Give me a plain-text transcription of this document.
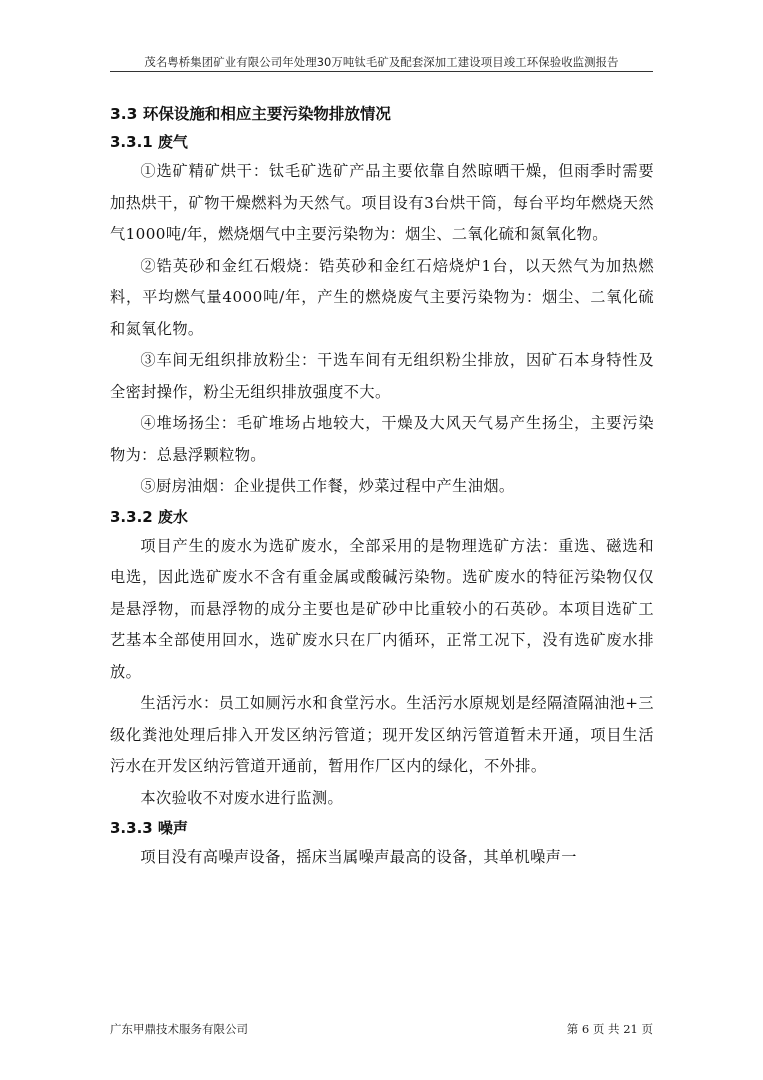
茂名粤桥集团矿业有限公司年处理30万吨钛毛矿及配套深加工建设项目竣工环保验收监测报告
3.3 环保设施和相应主要污染物排放情况
3.3.1 废气

①选矿精矿烘干：钛毛矿选矿产品主要依靠自然晾晒干燥，但雨季时需要加热烘干，矿物干燥燃料为天然气。项目设有3台烘干筒，每台平均年燃烧天然气1000吨/年，燃烧烟气中主要污染物为：烟尘、二氧化硫和氮氧化物。

②锆英砂和金红石煅烧：锆英砂和金红石焙烧炉1台，以天然气为加热燃料，平均燃气量4000吨/年，产生的燃烧废气主要污染物为：烟尘、二氧化硫和氮氧化物。

③车间无组织排放粉尘：干选车间有无组织粉尘排放，因矿石本身特性及全密封操作，粉尘无组织排放强度不大。

④堆场扬尘：毛矿堆场占地较大，干燥及大风天气易产生扬尘，主要污染物为：总悬浮颗粒物。

⑤厨房油烟：企业提供工作餐，炒菜过程中产生油烟。

3.3.2 废水

项目产生的废水为选矿废水，全部采用的是物理选矿方法：重选、磁选和电选，因此选矿废水不含有重金属或酸碱污染物。选矿废水的特征污染物仅仅是悬浮物，而悬浮物的成分主要也是矿砂中比重较小的石英砂。本项目选矿工艺基本全部使用回水，选矿废水只在厂内循环，正常工况下，没有选矿废水排放。

生活污水：员工如厕污水和食堂污水。生活污水原规划是经隔渣隔油池+三级化粪池处理后排入开发区纳污管道；现开发区纳污管道暂未开通，项目生活污水在开发区纳污管道开通前，暂用作厂区内的绿化，不外排。

本次验收不对废水进行监测。

3.3.3 噪声

项目没有高噪声设备，摇床当属噪声最高的设备，其单机噪声一

广东甲鼎技术服务有限公司	第 6 页 共 21 页
